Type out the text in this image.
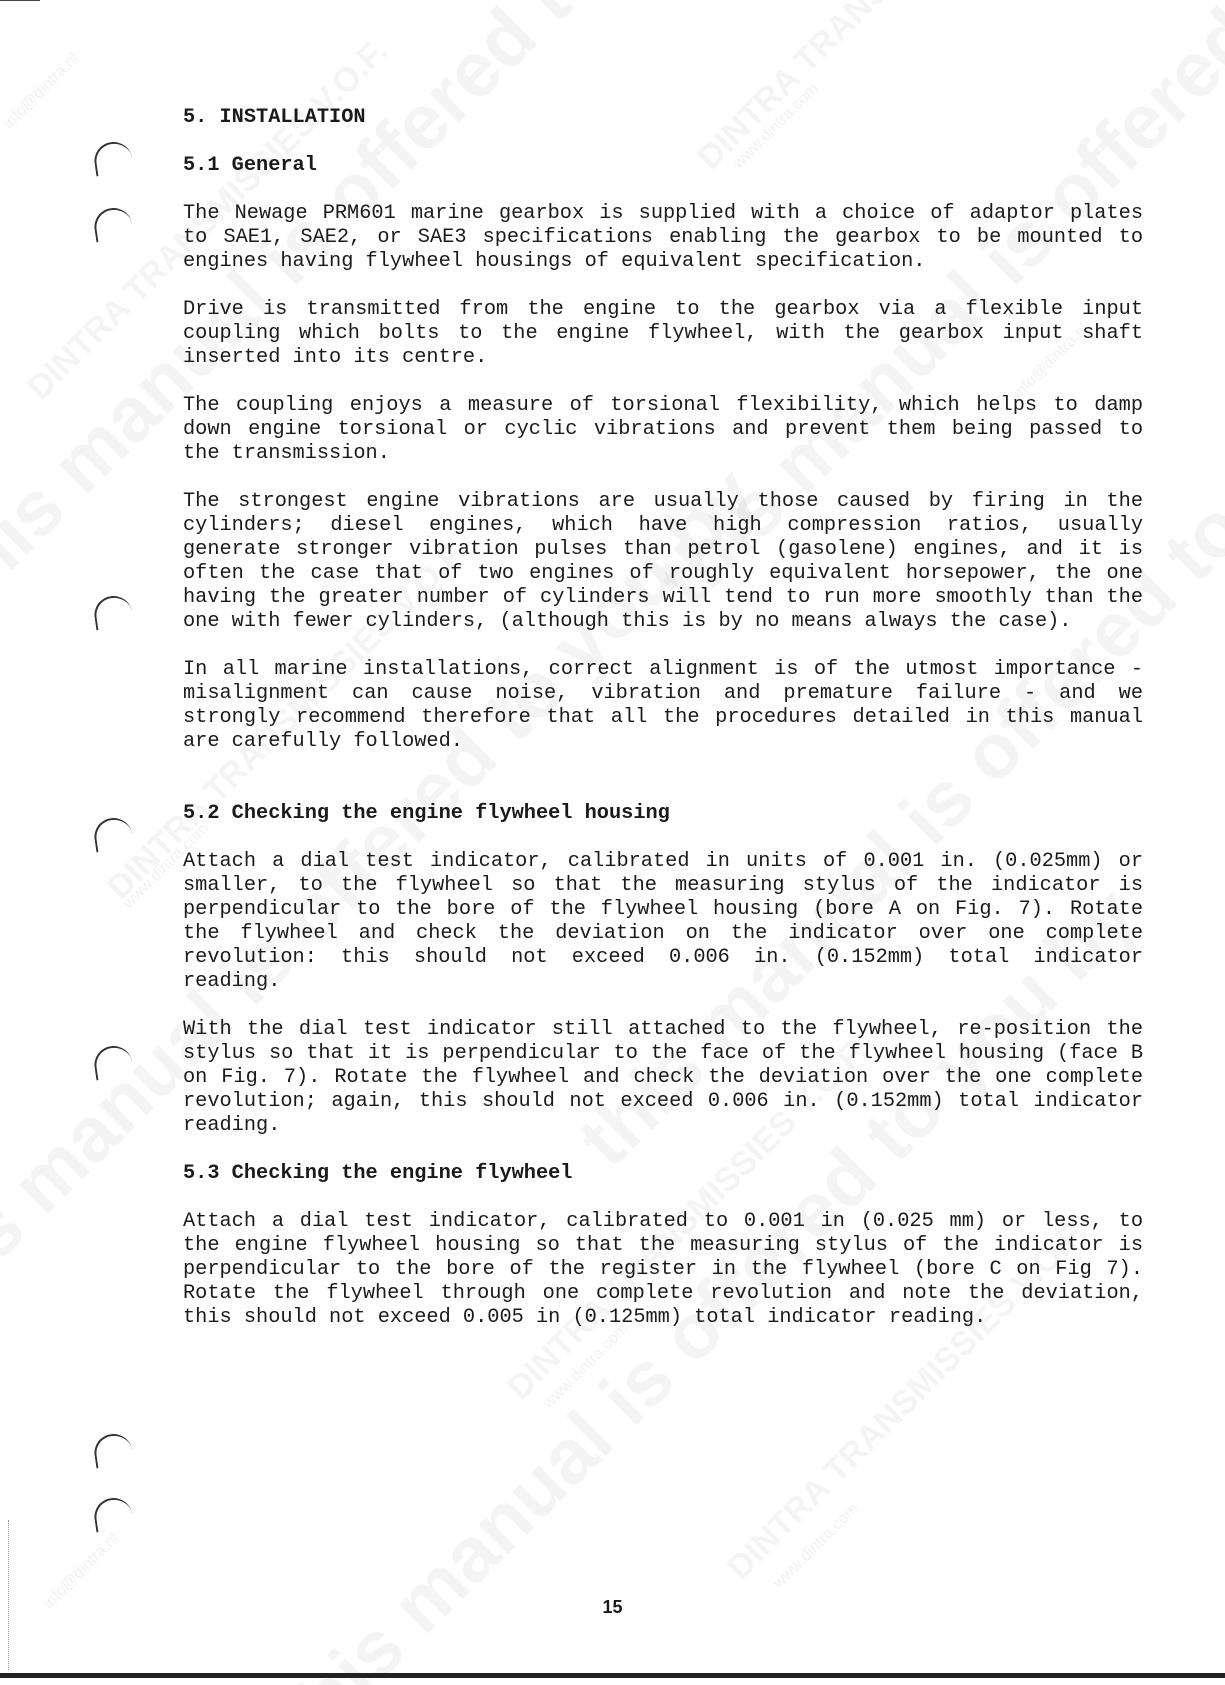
www.dintra.com
www.dintra.com
www.dintra.com
www.dintra.com
info@dintra.nl
info@dintra.nl
info@dintra.nl
5. INSTALLATION
5.1 General

The Newage PRM601 marine gearbox is supplied with a choice of adaptor plates to SAE1, SAE2, or SAE3 specifications enabling the gearbox to be mounted to engines having flywheel housings of equivalent specification.

Drive is transmitted from the engine to the gearbox via a flexible input coupling which bolts to the engine flywheel, with the gearbox input shaft inserted into its centre.

The coupling enjoys a measure of torsional flexibility, which helps to damp down engine torsional or cyclic vibrations and prevent them being passed to the transmission.

The strongest engine vibrations are usually those caused by firing in the cylinders; diesel engines, which have high compression ratios, usually generate stronger vibration pulses than petrol (gasolene) engines, and it is often the case that of two engines of roughly equivalent horsepower, the one having the greater number of cylinders will tend to run more smoothly than the one with fewer cylinders, (although this is by no means always the case).

In all marine installations, correct alignment is of the utmost importance - misalignment can cause noise, vibration and premature failure - and we strongly recommend therefore that all the procedures detailed in this manual are carefully followed.

5.2 Checking the engine flywheel housing

Attach a dial test indicator, calibrated in units of 0.001 in. (0.025mm) or smaller, to the flywheel so that the measuring stylus of the indicator is perpendicular to the bore of the flywheel housing (bore A on Fig. 7). Rotate the flywheel and check the deviation on the indicator over one complete revolution: this should not exceed 0.006 in. (0.152mm) total indicator reading.

With the dial test indicator still attached to the flywheel, re-position the stylus so that it is perpendicular to the face of the flywheel housing (face B on Fig. 7). Rotate the flywheel and check the deviation over the one complete revolution; again, this should not exceed 0.006 in. (0.152mm) total indicator reading.

5.3 Checking the engine flywheel

Attach a dial test indicator, calibrated to 0.001 in (0.025 mm) or less, to the engine flywheel housing so that the measuring stylus of the indicator is perpendicular to the bore of the register in the flywheel (bore C on Fig 7). Rotate the flywheel through one complete revolution and note the deviation, this should not exceed 0.005 in (0.125mm) total indicator reading.

15
